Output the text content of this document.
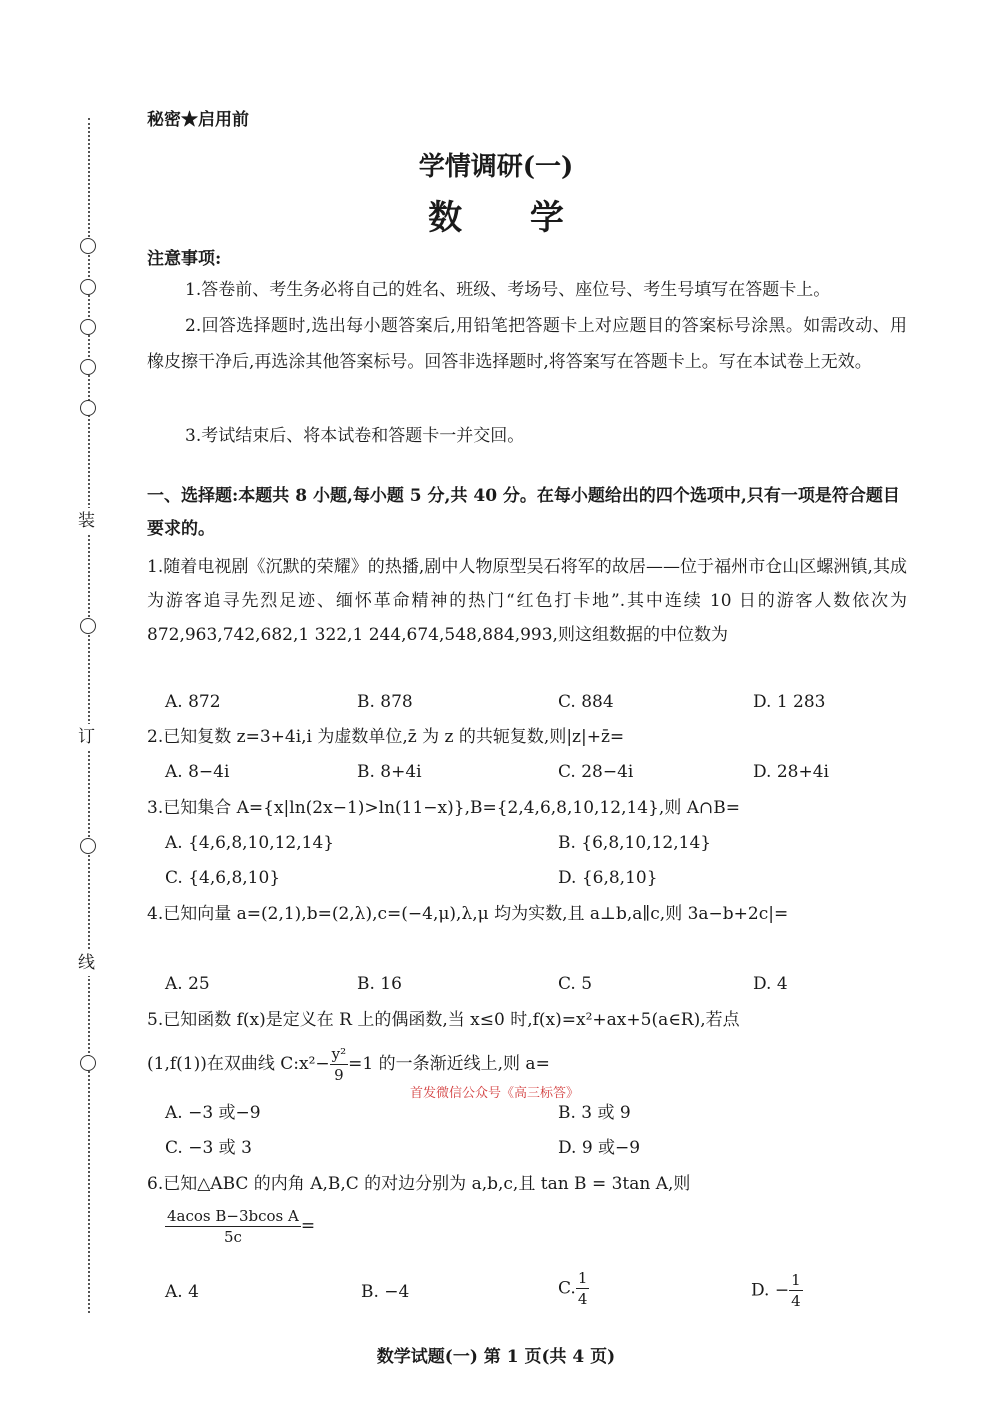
装
订
线
秘密★启用前
学情调研(一)
数 学
注意事项:
1.答卷前、考生务必将自己的姓名、班级、考场号、座位号、考生号填写在答题卡上。
2.回答选择题时,选出每小题答案后,用铅笔把答题卡上对应题目的答案标号涂黑。如需改动、用橡皮擦干净后,再选涂其他答案标号。回答非选择题时,将答案写在答题卡上。写在本试卷上无效。
3.考试结束后、将本试卷和答题卡一并交回。
一、选择题:本题共 8 小题,每小题 5 分,共 40 分。在每小题给出的四个选项中,只有一项是符合题目要求的。
1.随着电视剧《沉默的荣耀》的热播,剧中人物原型吴石将军的故居——位于福州市仓山区螺洲镇,其成为游客追寻先烈足迹、缅怀革命精神的热门“红色打卡地”.其中连续 10 日的游客人数依次为 872,963,742,682,1 322,1 244,674,548,884,993,则这组数据的中位数为
A. 872	B. 878	C. 884	D. 1 283
2.已知复数 z=3+4i,i 为虚数单位,z̄ 为 z 的共轭复数,则|z|+z̄=
A. 8−4i	B. 8+4i	C. 28−4i	D. 28+4i
3.已知集合 A={x|ln(2x−1)>ln(11−x)},B={2,4,6,8,10,12,14},则 A∩B=
A. {4,6,8,10,12,14}	B. {6,8,10,12,14}
C. {4,6,8,10}	D. {6,8,10}
4.已知向量 a=(2,1),b=(2,λ),c=(−4,μ),λ,μ 均为实数,且 a⊥b,a∥c,则 3a−b+2c|=
A. 25	B. 16	C. 5	D. 4
5.已知函数 f(x)是定义在 R 上的偶函数,当 x≤0 时,f(x)=x²+ax+5(a∈R),若点
(1,f(1))在双曲线 C:x²− $\frac{\text{y²}}{9} =1$ 的一条渐近线上,则 a=
首发微信公众号《高三标答》
A. −3 或−9	B. 3 或 9
C. −3 或 3	D. 9 或−9
6.已知△ABC 的内角 A,B,C 的对边分别为 a,b,c,且 tan B = 3tan A,则
$\frac{\text{4acos B−3bcos A}}{5c}$ =
A. 4	B. −4	C. $\frac{1}{4}$	D. − $\frac{1}{4}$
数学试题(一) 第 1 页(共 4 页)
